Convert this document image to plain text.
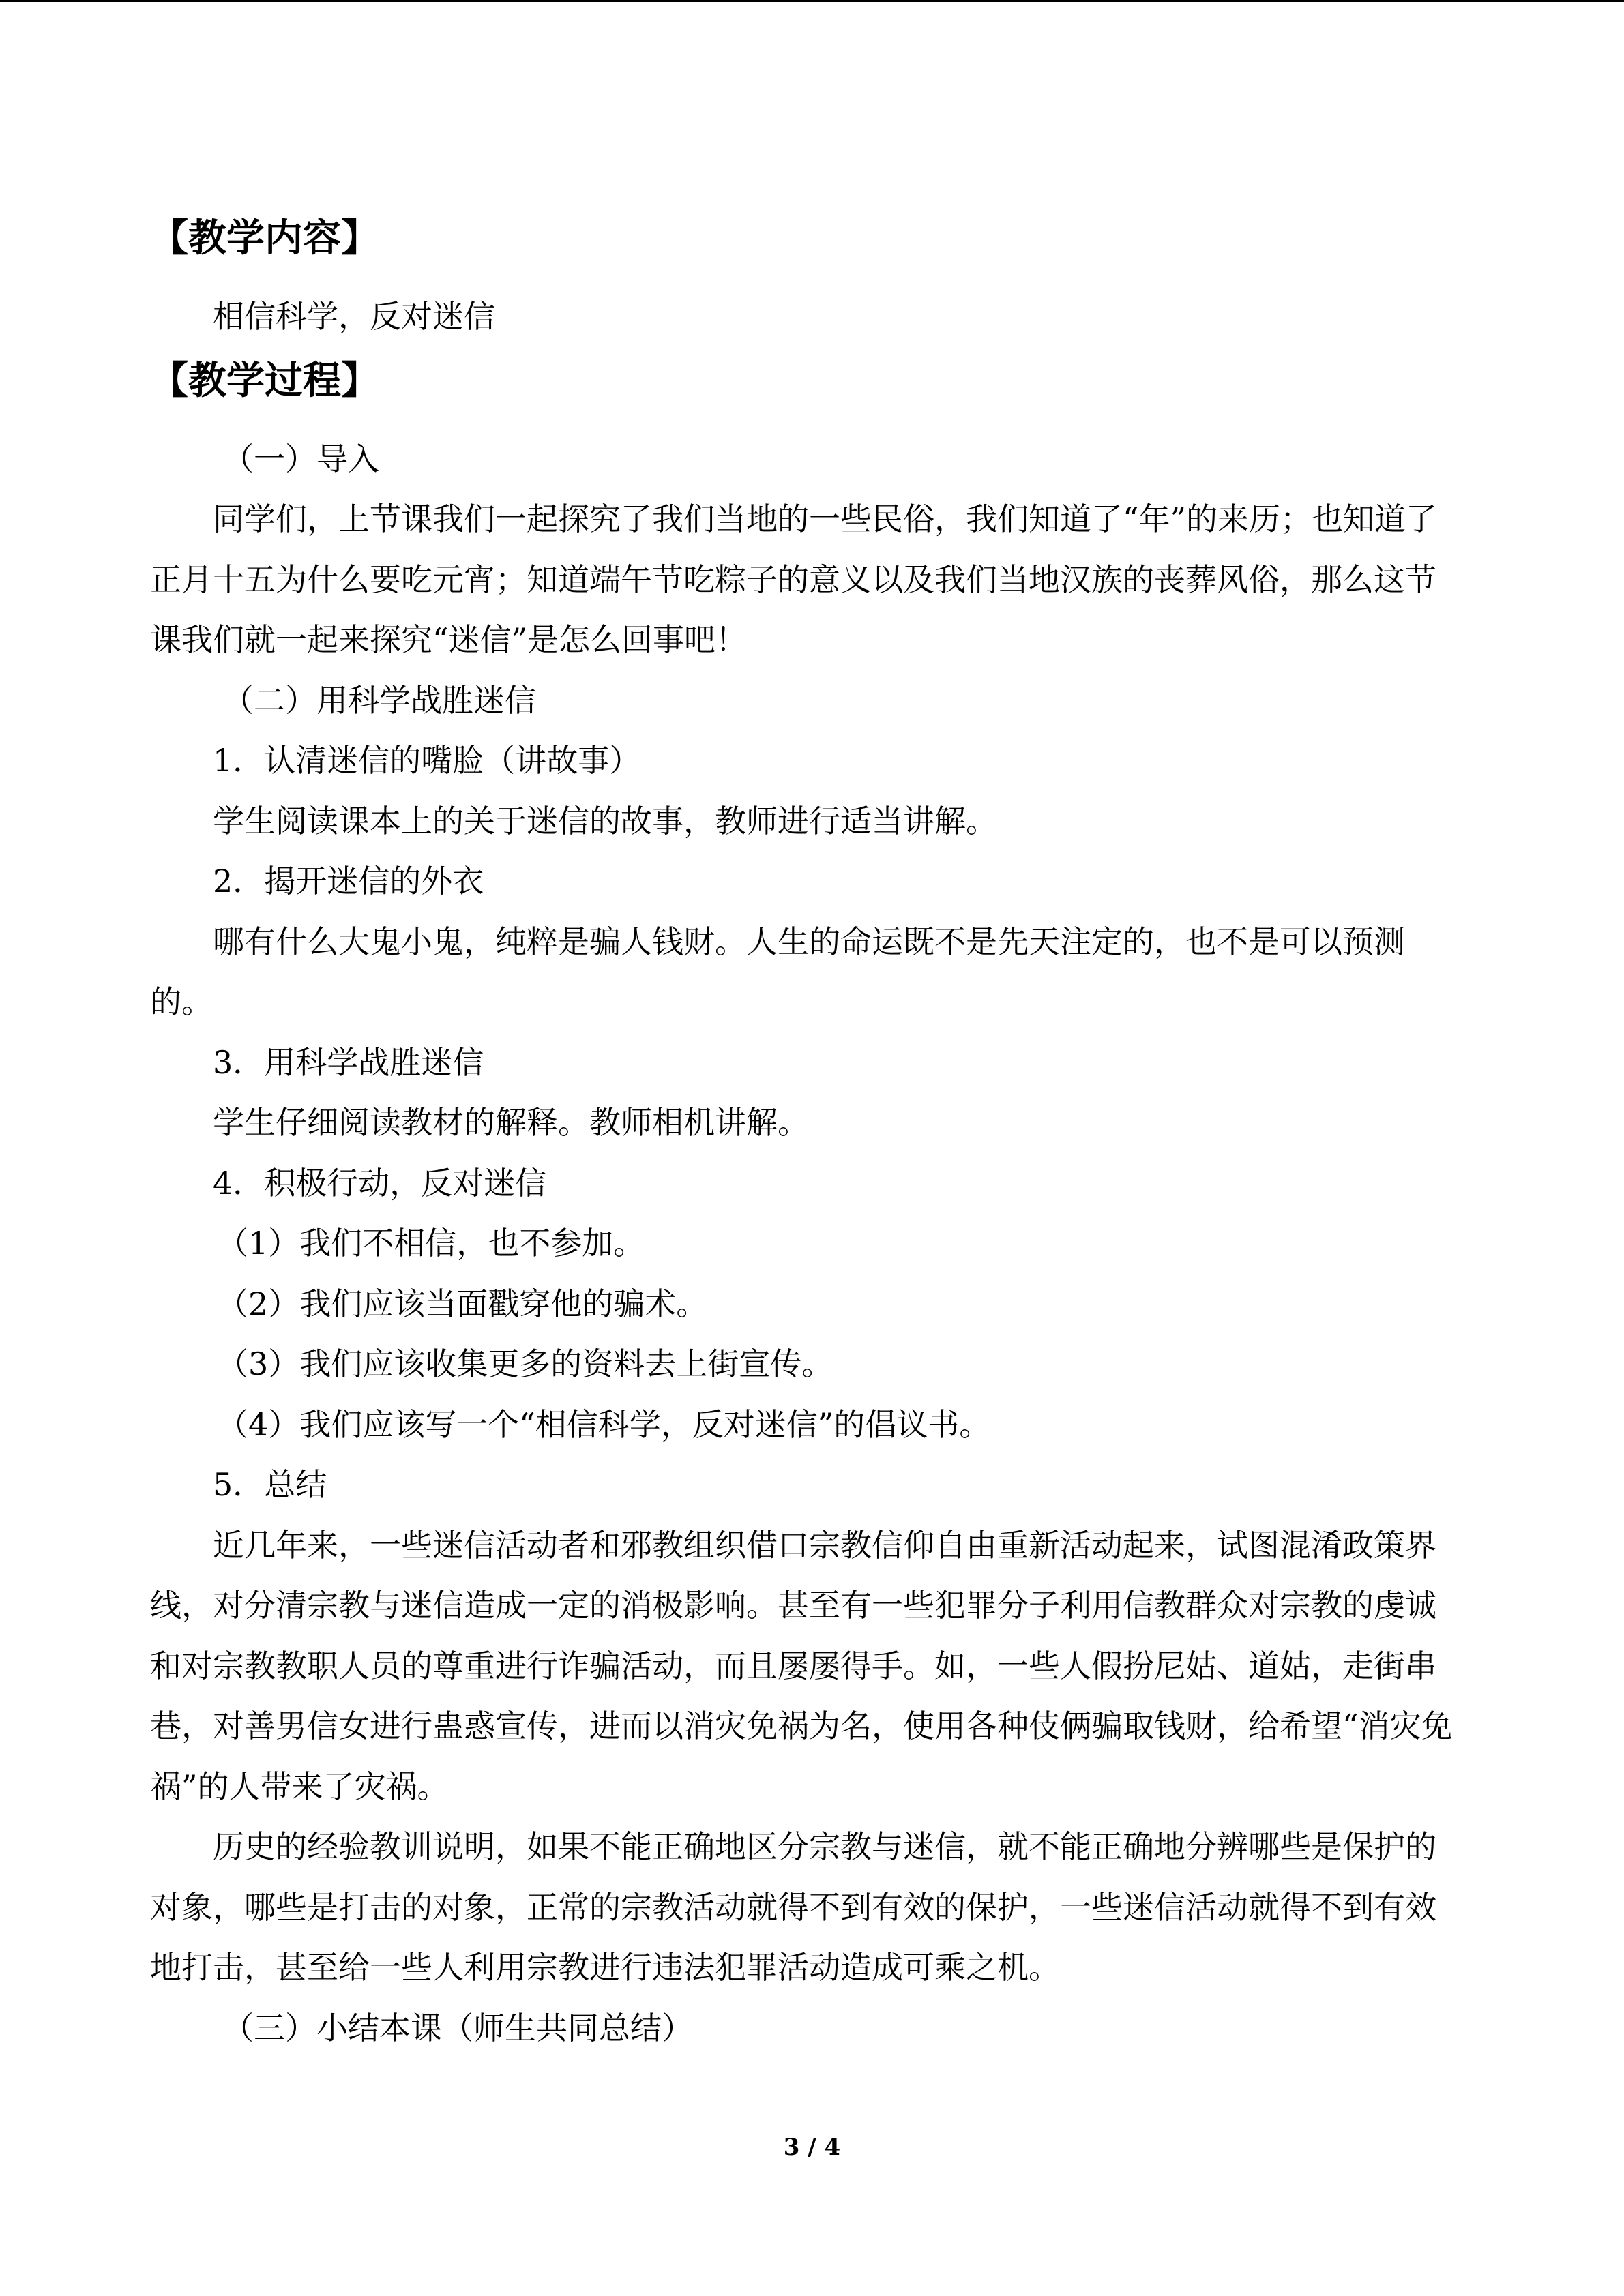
【教学内容】

相信科学，反对迷信

【教学过程】

（一）导入

同学们，上节课我们一起探究了我们当地的一些民俗，我们知道了“年”的来历；也知道了正月十五为什么要吃元宵；知道端午节吃粽子的意义以及我们当地汉族的丧葬风俗，那么这节课我们就一起来探究“迷信”是怎么回事吧！

（二）用科学战胜迷信

1．认清迷信的嘴脸（讲故事）

学生阅读课本上的关于迷信的故事，教师进行适当讲解。

2．揭开迷信的外衣

哪有什么大鬼小鬼，纯粹是骗人钱财。人生的命运既不是先天注定的，也不是可以预测的。

3．用科学战胜迷信

学生仔细阅读教材的解释。教师相机讲解。

4．积极行动，反对迷信

（1）我们不相信，也不参加。

（2）我们应该当面戳穿他的骗术。

（3）我们应该收集更多的资料去上街宣传。

（4）我们应该写一个“相信科学，反对迷信”的倡议书。

5．总结

近几年来，一些迷信活动者和邪教组织借口宗教信仰自由重新活动起来，试图混淆政策界线，对分清宗教与迷信造成一定的消极影响。甚至有一些犯罪分子利用信教群众对宗教的虔诚和对宗教教职人员的尊重进行诈骗活动，而且屡屡得手。如，一些人假扮尼姑、道姑，走街串巷，对善男信女进行蛊惑宣传，进而以消灾免祸为名，使用各种伎俩骗取钱财，给希望“消灾免祸”的人带来了灾祸。

历史的经验教训说明，如果不能正确地区分宗教与迷信，就不能正确地分辨哪些是保护的对象，哪些是打击的对象，正常的宗教活动就得不到有效的保护，一些迷信活动就得不到有效地打击，甚至给一些人利用宗教进行违法犯罪活动造成可乘之机。

（三）小结本课（师生共同总结）

3 / 4
